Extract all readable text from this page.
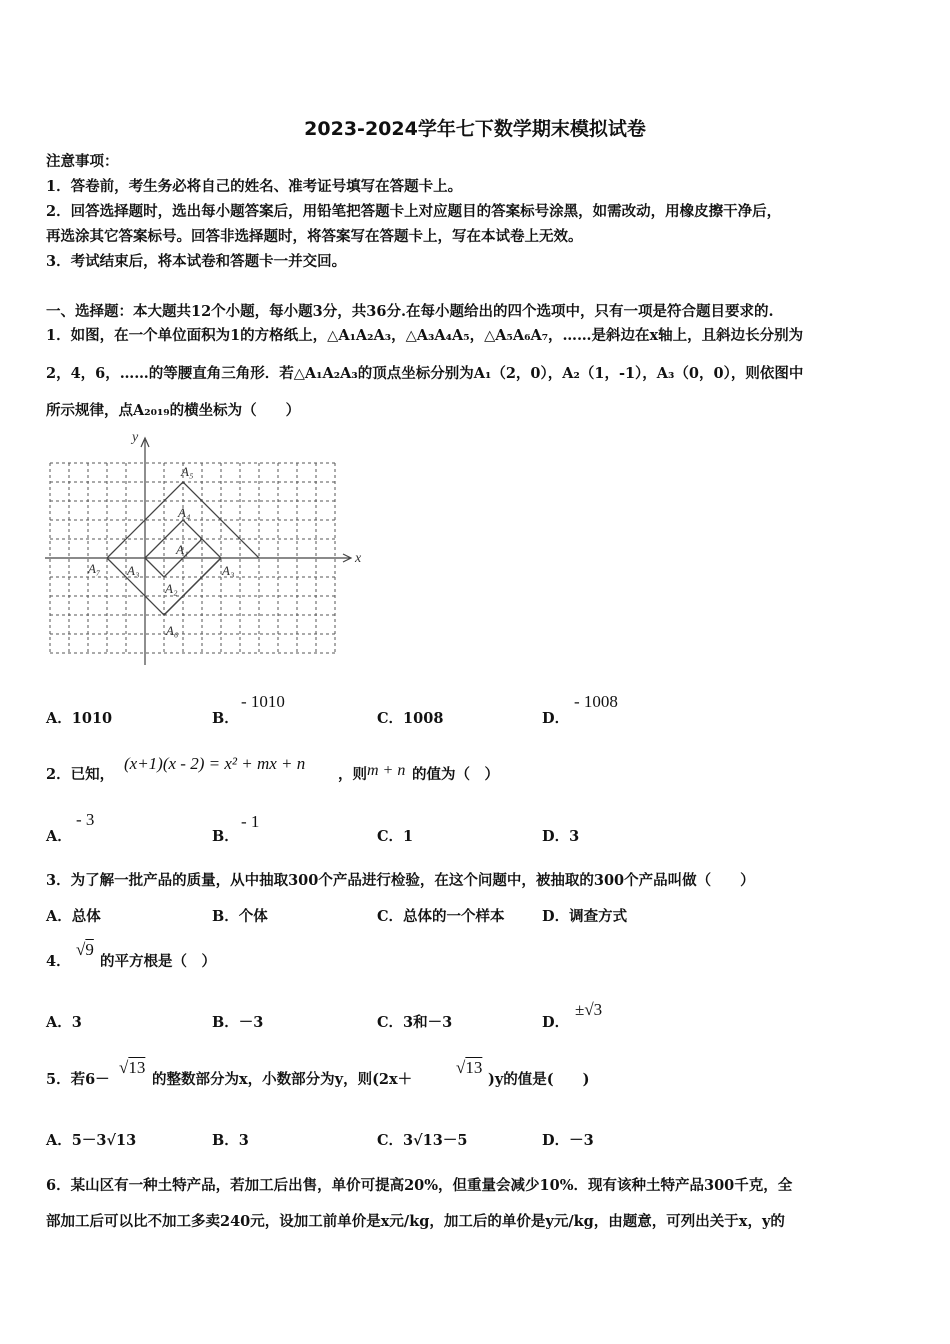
2023-2024学年七下数学期末模拟试卷
注意事项：
1．答卷前，考生务必将自己的姓名、准考证号填写在答题卡上。
2．回答选择题时，选出每小题答案后，用铅笔把答题卡上对应题目的答案标号涂黑，如需改动，用橡皮擦干净后，
再选涂其它答案标号。回答非选择题时，将答案写在答题卡上，写在本试卷上无效。
3．考试结束后，将本试卷和答题卡一并交回。
一、选择题：本大题共12个小题，每小题3分，共36分.在每小题给出的四个选项中，只有一项是符合题目要求的.
1．如图，在一个单位面积为1的方格纸上，△A₁A₂A₃，△A₃A₄A₅，△A₅A₆A₇，……是斜边在x轴上，且斜边长分别为
2，4，6，……的等腰直角三角形．若△A₁A₂A₃的顶点坐标分别为A₁（2，0），A₂（1，-1），A₃（0，0），则依图中
所示规律，点A₂₀₁₉的横坐标为（　　）
x
y
A₅
A₄
A₁
A₇ A₃
A₂
A₆
A₃
A．1010	B．
- 1010
C．1008	D．
- 1008
2．已知，
(x+1)(x - 2) = x² + mx + n
，则 m + n 的值为（　）
A．
- 3
B．
- 1
C．1	D．3
3．为了解一批产品的质量，从中抽取300个产品进行检验，在这个问题中，被抽取的300个产品叫做（　　）
A．总体	B．个体	C．总体的一个样本	D．调查方式
4．
√9
的平方根是（　）
A．3	B．－3	C．3和－3	D．
±√3
5．若6－
√13
的整数部分为x，小数部分为y，则(2x＋
√13
)y的值是(　　)
A．5－3√13	B．3	C．3√13－5	D．－3
6．某山区有一种土特产品，若加工后出售，单价可提高20%，但重量会减少10%．现有该种土特产品300千克，全
部加工后可以比不加工多卖240元，设加工前单价是x元/kg，加工后的单价是y元/kg，由题意，可列出关于x，y的
